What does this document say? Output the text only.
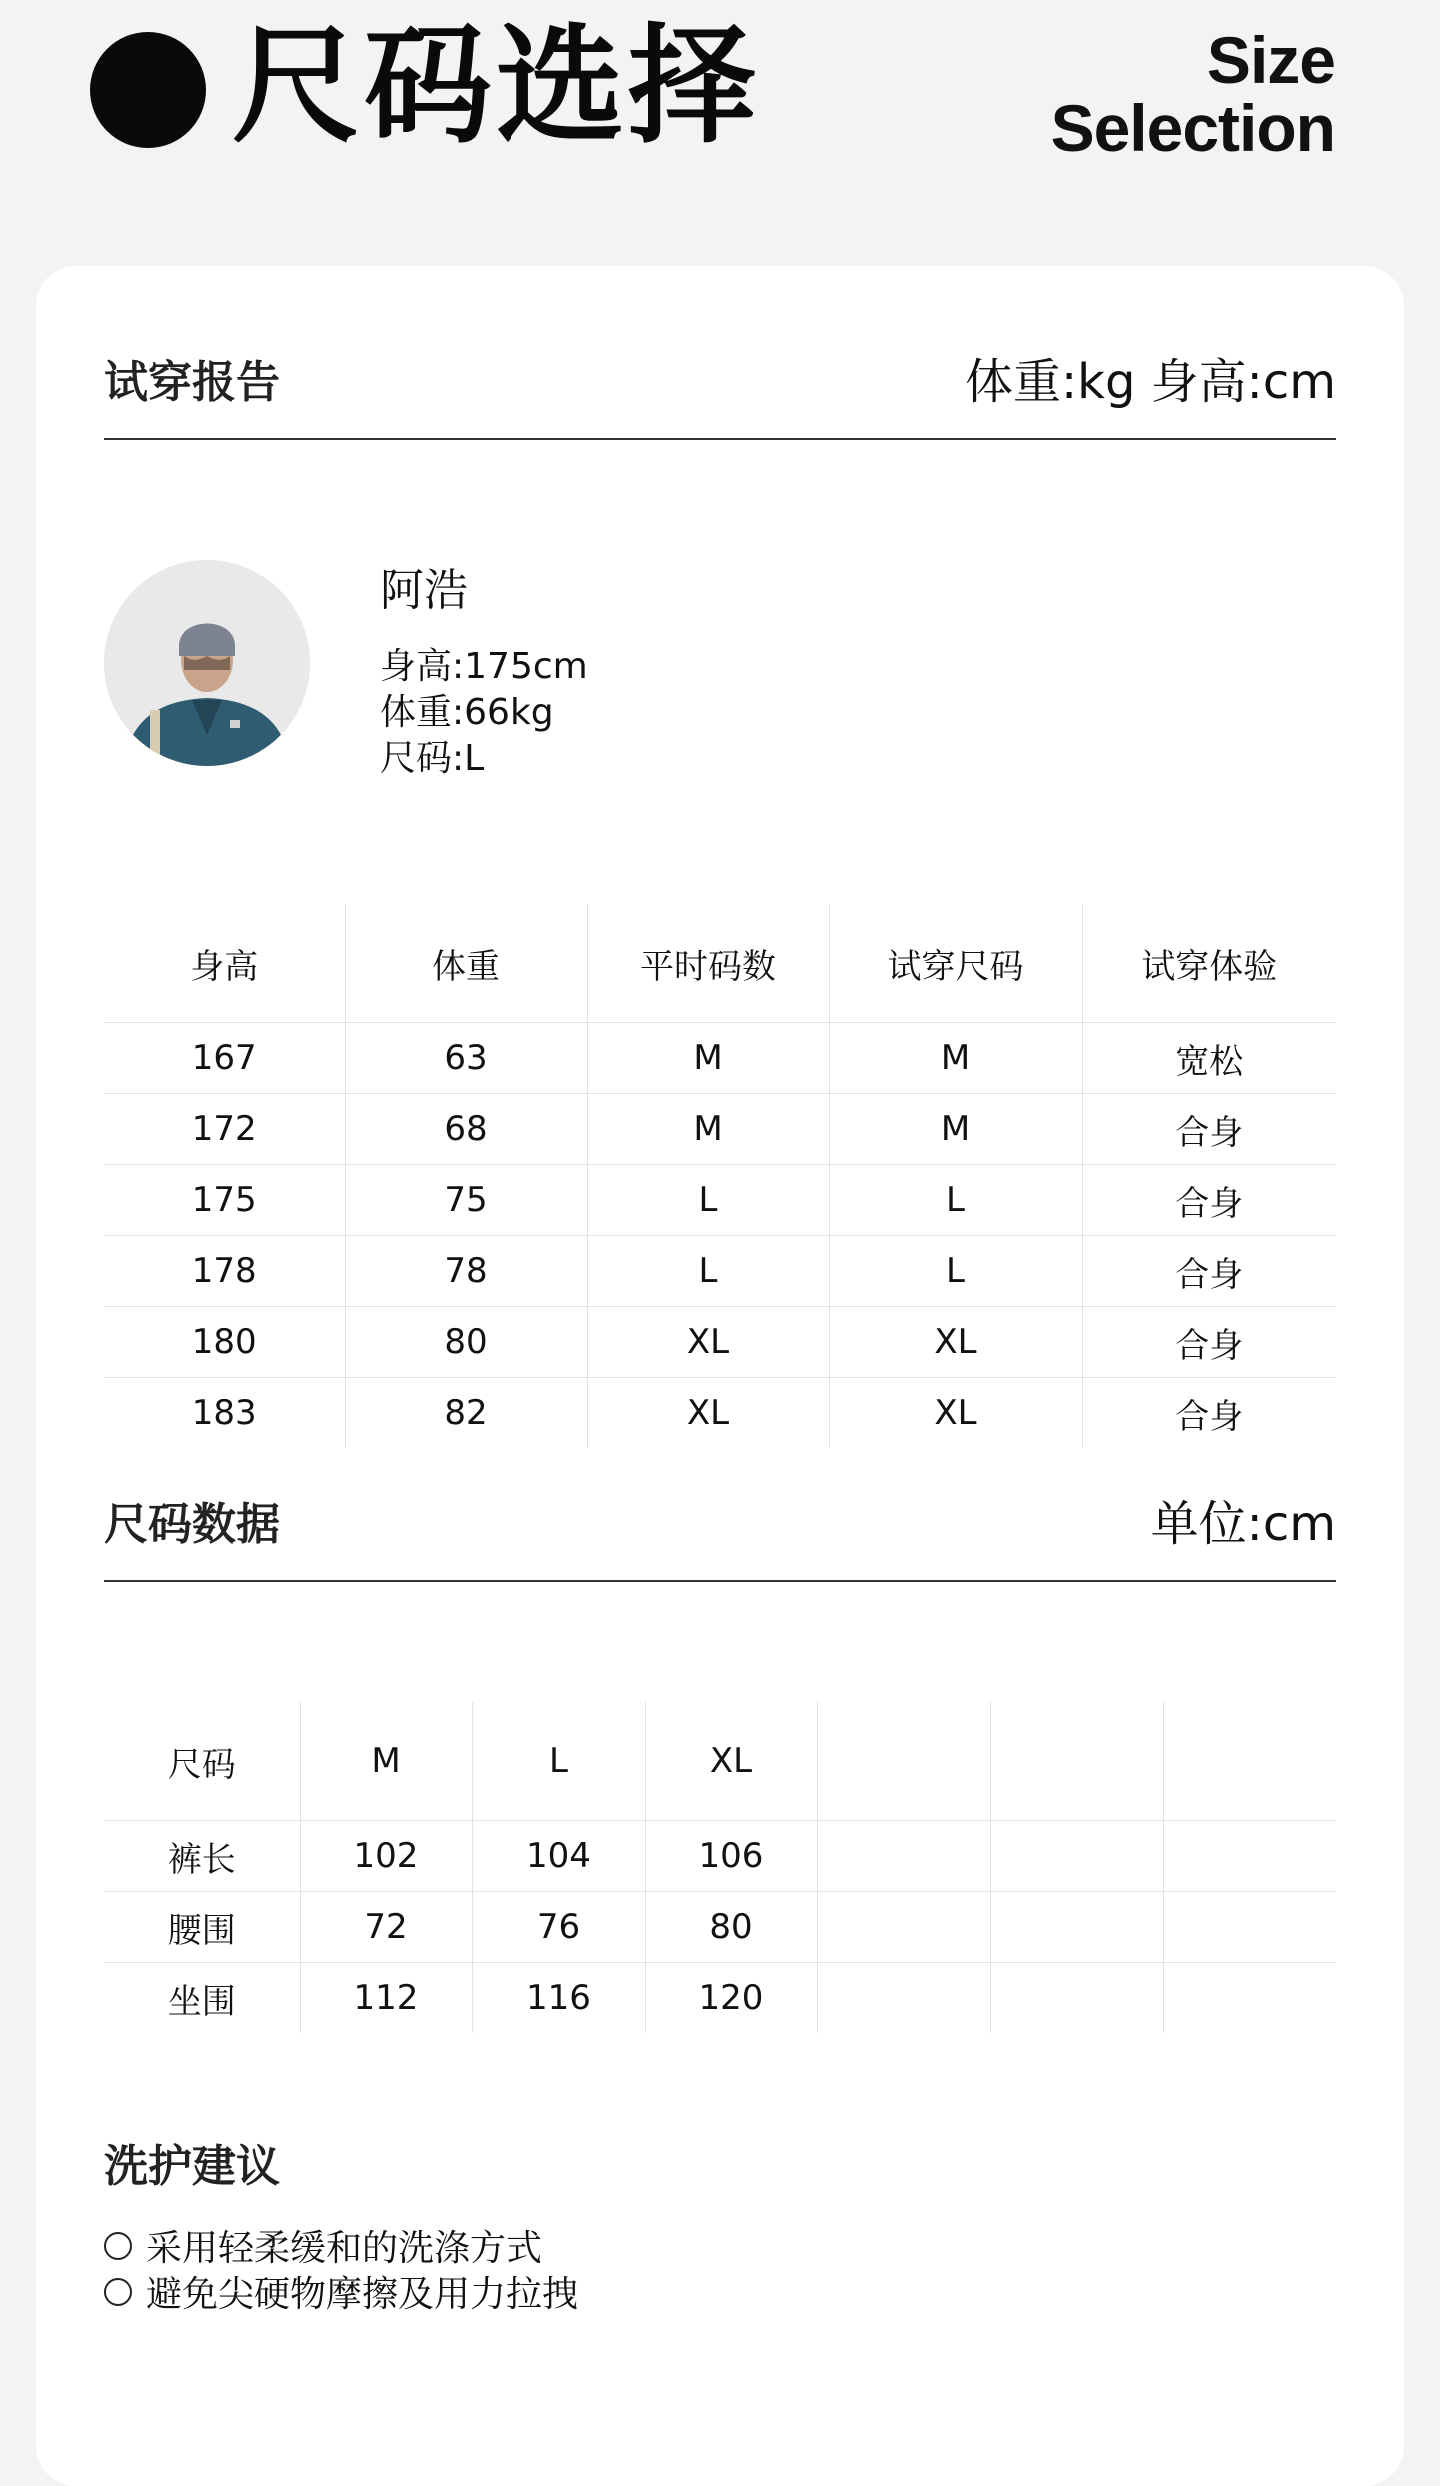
尺码选择	Size
Selection
试穿报告	体重:kg 身高:cm
阿浩
身高:175cm
体重:66kg
尺码:L
身高	体重	平时码数	试穿尺码	试穿体验
167	63	M	M	宽松
172	68	M	M	合身
175	75	L	L	合身
178	78	L	L	合身
180	80	XL	XL	合身
183	82	XL	XL	合身
尺码数据	单位:cm
尺码	M	L	XL			
裤长	102	104	106			
腰围	72	76	80			
坐围	112	116	120			
洗护建议
采用轻柔缓和的洗涤方式
避免尖硬物摩擦及用力拉拽
